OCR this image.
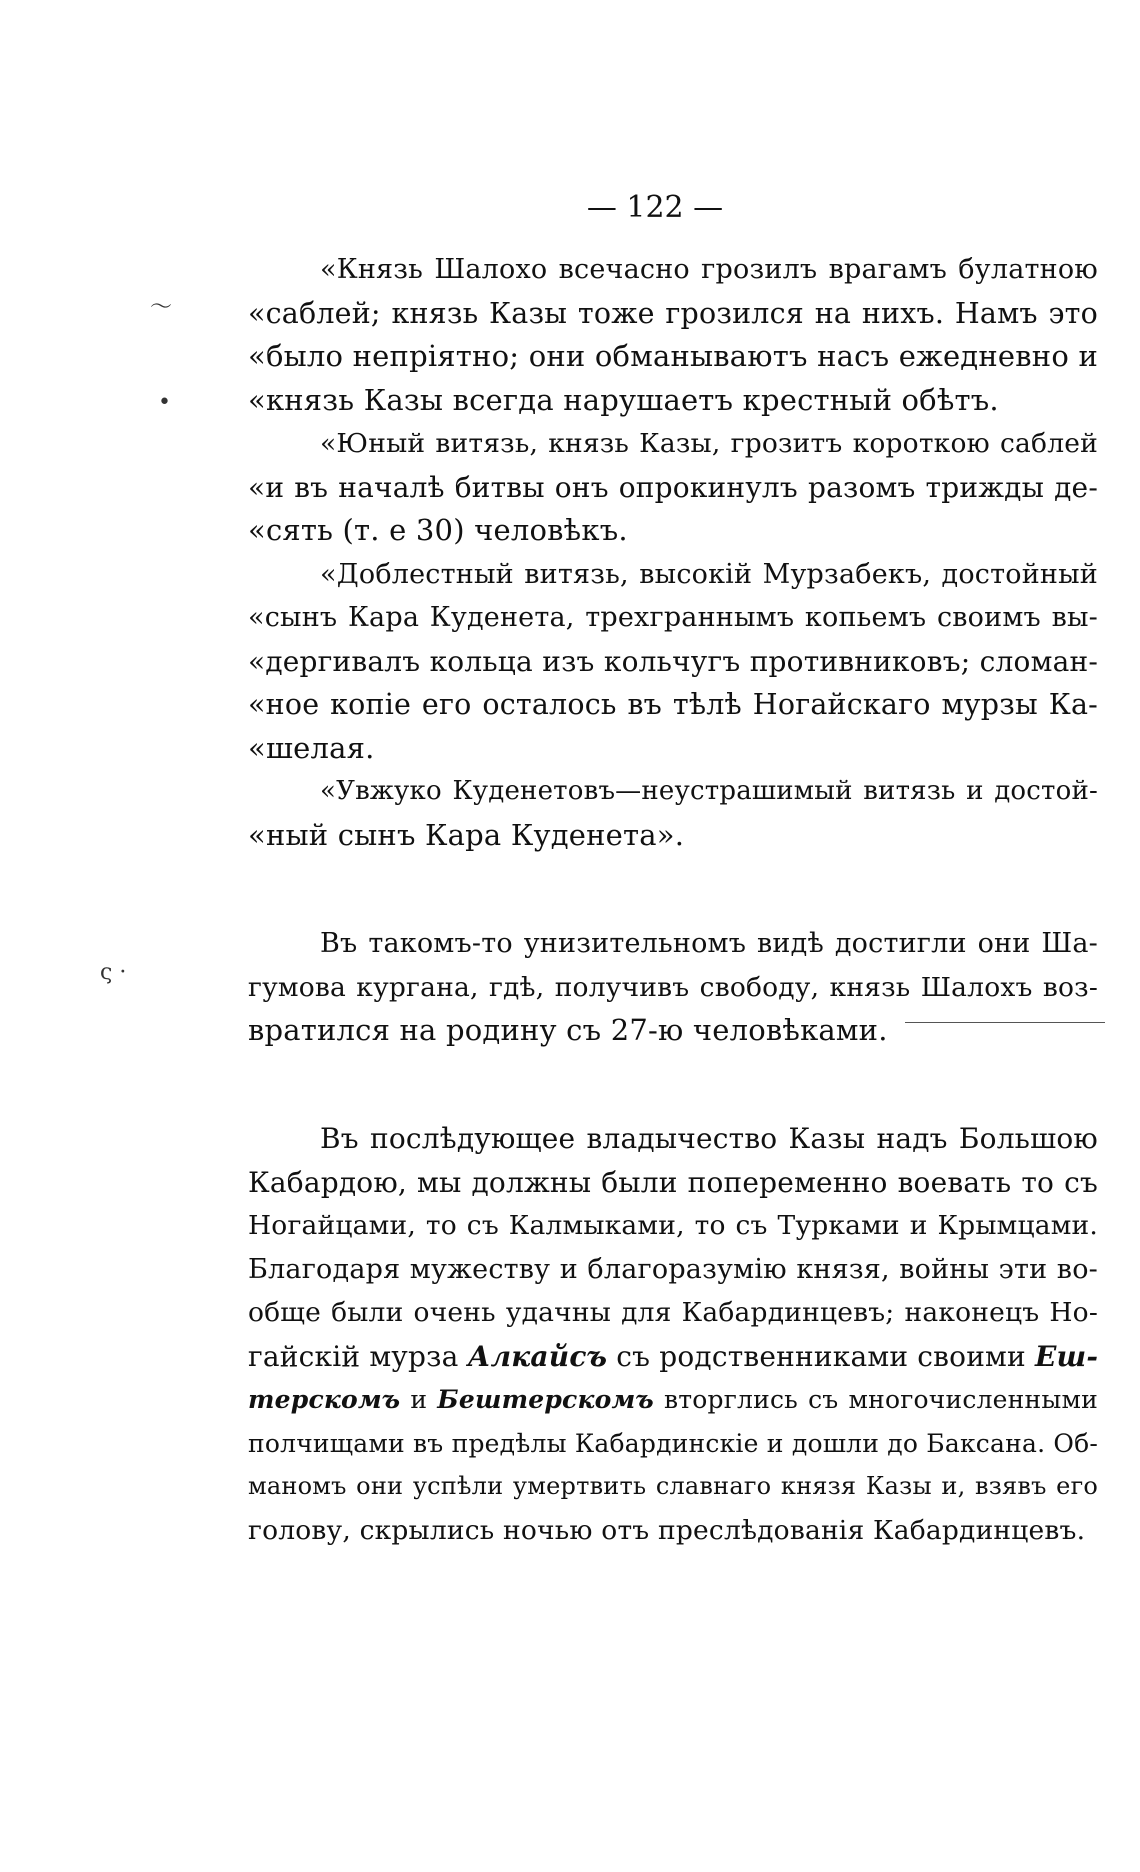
— 122 —
〜
•
ς ·
«Князь Шалохо всечасно грозилъ врагамъ булатною
«саблей; князь Казы тоже грозился на нихъ. Намъ это
«было непріятно; они обманываютъ насъ ежедневно и
«князь Казы всегда нарушаетъ крестный обѣтъ.
«Юный витязь, князь Казы, грозитъ короткою саблей
«и въ началѣ битвы онъ опрокинулъ разомъ трижды де-
«сять (т. е 30) человѣкъ.
«Доблестный витязь, высокій Мурзабекъ, достойный
«сынъ Кара Куденета, трехграннымъ копьемъ своимъ вы-
«дергивалъ кольца изъ кольчугъ противниковъ; сломан-
«ное копіе его осталось въ тѣлѣ Ногайскаго мурзы Ка-
«шелая.
«Увжуко Куденетовъ—неустрашимый витязь и достой-
«ный сынъ Кара Куденета».
Въ такомъ-то унизительномъ видѣ достигли они Ша-
гумова кургана, гдѣ, получивъ свободу, князь Шалохъ воз-
вратился на родину съ 27-ю человѣками.
Въ послѣдующее владычество Казы надъ Большою
Кабардою, мы должны были попеременно воевать то съ
Ногайцами, то съ Калмыками, то съ Турками и Крымцами.
Благодаря мужеству и благоразумію князя, войны эти во-
обще были очень удачны для Кабардинцевъ; наконецъ Но-
гайскій мурза Алкайсъ съ родственниками своими Еш-
терскомъ и Бештерскомъ вторглись съ многочисленными
полчищами въ предѣлы Кабардинскіе и дошли до Баксана. Об-
маномъ они успѣли умертвить славнаго князя Казы и, взявъ его
голову, скрылись ночью отъ преслѣдованія Кабардинцевъ.
